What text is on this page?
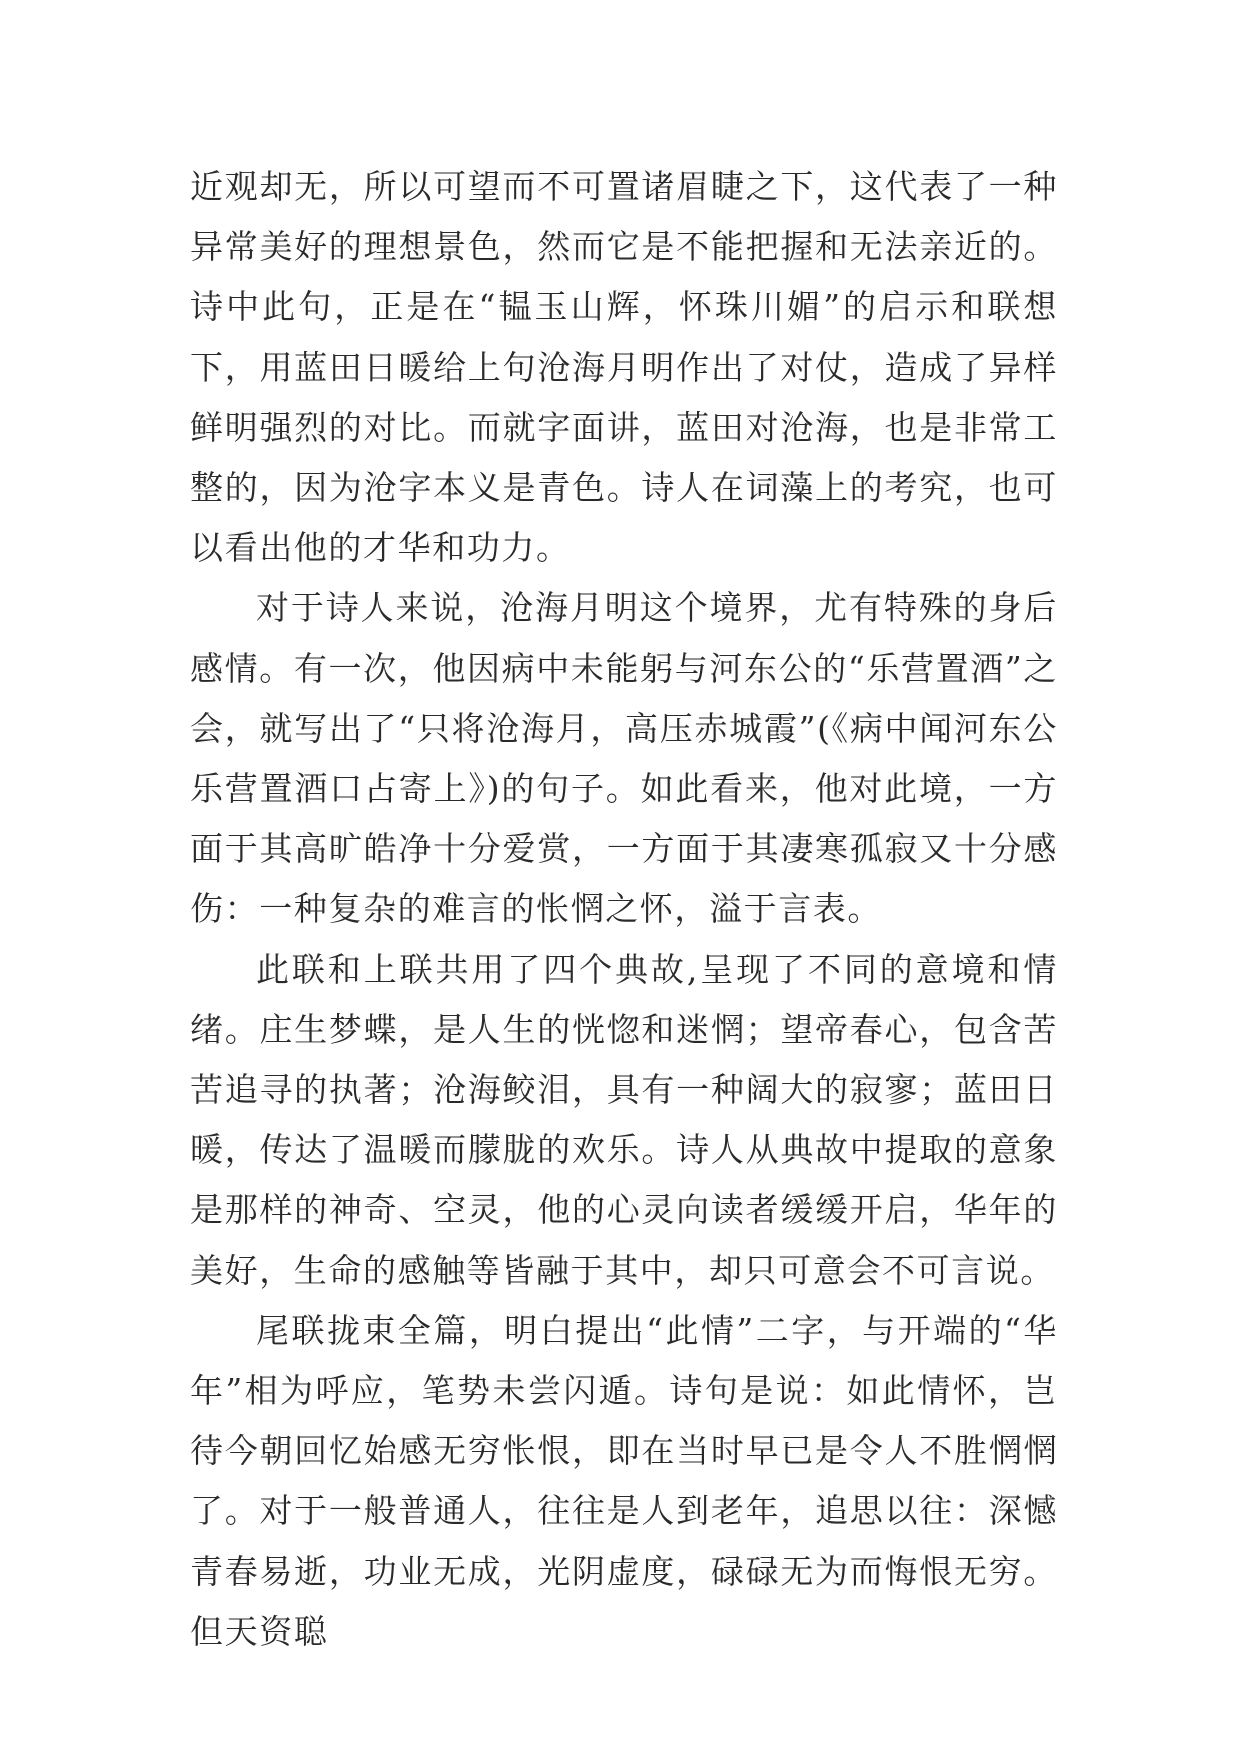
近观却无，所以可望而不可置诸眉睫之下，这代表了一种异常美好的理想景色，然而它是不能把握和无法亲近的。诗中此句，正是在“韫玉山辉，怀珠川媚”的启示和联想下，用蓝田日暖给上句沧海月明作出了对仗，造成了异样鲜明强烈的对比。而就字面讲，蓝田对沧海，也是非常工整的，因为沧字本义是青色。诗人在词藻上的考究，也可以看出他的才华和功力。

对于诗人来说，沧海月明这个境界，尤有特殊的身后感情。有一次，他因病中未能躬与河东公的“乐营置酒”之会，就写出了“只将沧海月，高压赤城霞”(《病中闻河东公乐营置酒口占寄上》)的句子。如此看来，他对此境，一方面于其高旷皓净十分爱赏，一方面于其凄寒孤寂又十分感伤：一种复杂的难言的怅惘之怀，溢于言表。

此联和上联共用了四个典故,呈现了不同的意境和情绪。庄生梦蝶，是人生的恍惚和迷惘；望帝春心，包含苦苦追寻的执著；沧海鲛泪，具有一种阔大的寂寥；蓝田日暖，传达了温暖而朦胧的欢乐。诗人从典故中提取的意象是那样的神奇、空灵，他的心灵向读者缓缓开启，华年的美好，生命的感触等皆融于其中，却只可意会不可言说。

尾联拢束全篇，明白提出“此情”二字，与开端的“华年”相为呼应，笔势未尝闪遁。诗句是说：如此情怀，岂待今朝回忆始感无穷怅恨，即在当时早已是令人不胜惘惘了。对于一般普通人，往往是人到老年，追思以往：深憾青春易逝，功业无成，光阴虚度，碌碌无为而悔恨无穷。但天资聪
